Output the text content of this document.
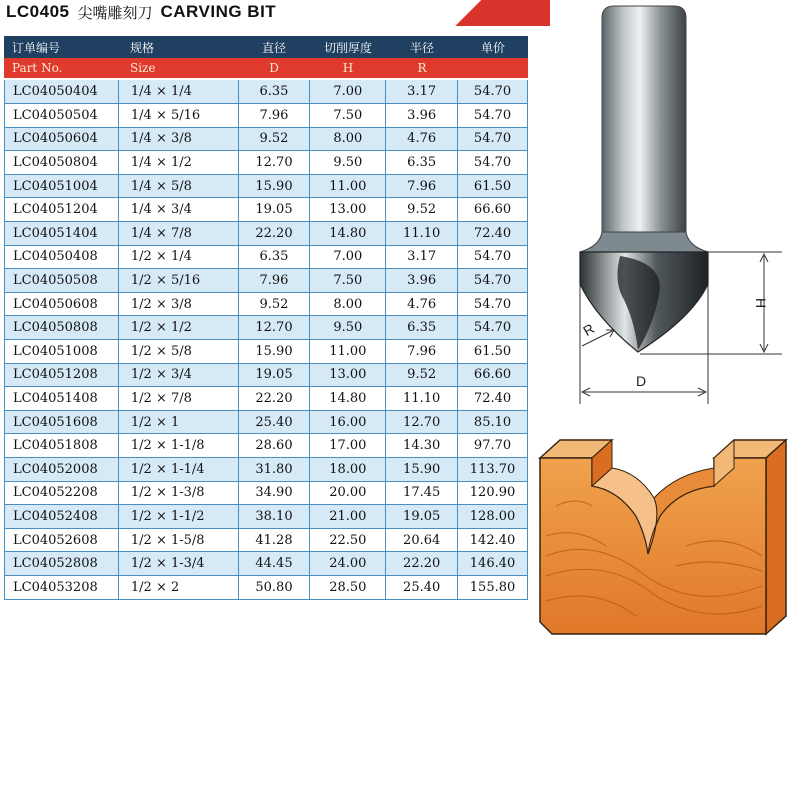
LC0405 尖嘴雕刻刀 CARVING BIT
订单编号	规格	直径	切削厚度	半径	单价
Part No.	Size	D	H	R
LC04050404	1/4 × 1/4	6.35	7.00	3.17	54.70
LC04050504	1/4 × 5/16	7.96	7.50	3.96	54.70
LC04050604	1/4 × 3/8	9.52	8.00	4.76	54.70
LC04050804	1/4 × 1/2	12.70	9.50	6.35	54.70
LC04051004	1/4 × 5/8	15.90	11.00	7.96	61.50
LC04051204	1/4 × 3/4	19.05	13.00	9.52	66.60
LC04051404	1/4 × 7/8	22.20	14.80	11.10	72.40
LC04050408	1/2 × 1/4	6.35	7.00	3.17	54.70
LC04050508	1/2 × 5/16	7.96	7.50	3.96	54.70
LC04050608	1/2 × 3/8	9.52	8.00	4.76	54.70
LC04050808	1/2 × 1/2	12.70	9.50	6.35	54.70
LC04051008	1/2 × 5/8	15.90	11.00	7.96	61.50
LC04051208	1/2 × 3/4	19.05	13.00	9.52	66.60
LC04051408	1/2 × 7/8	22.20	14.80	11.10	72.40
LC04051608	1/2 × 1	25.40	16.00	12.70	85.10
LC04051808	1/2 × 1-1/8	28.60	17.00	14.30	97.70
LC04052008	1/2 × 1-1/4	31.80	18.00	15.90	113.70
LC04052208	1/2 × 1-3/8	34.90	20.00	17.45	120.90
LC04052408	1/2 × 1-1/2	38.10	21.00	19.05	128.00
LC04052608	1/2 × 1-5/8	41.28	22.50	20.64	142.40
LC04052808	1/2 × 1-3/4	44.45	24.00	22.20	146.40
LC04053208	1/2 × 2	50.80	28.50	25.40	155.80
H
R
D
